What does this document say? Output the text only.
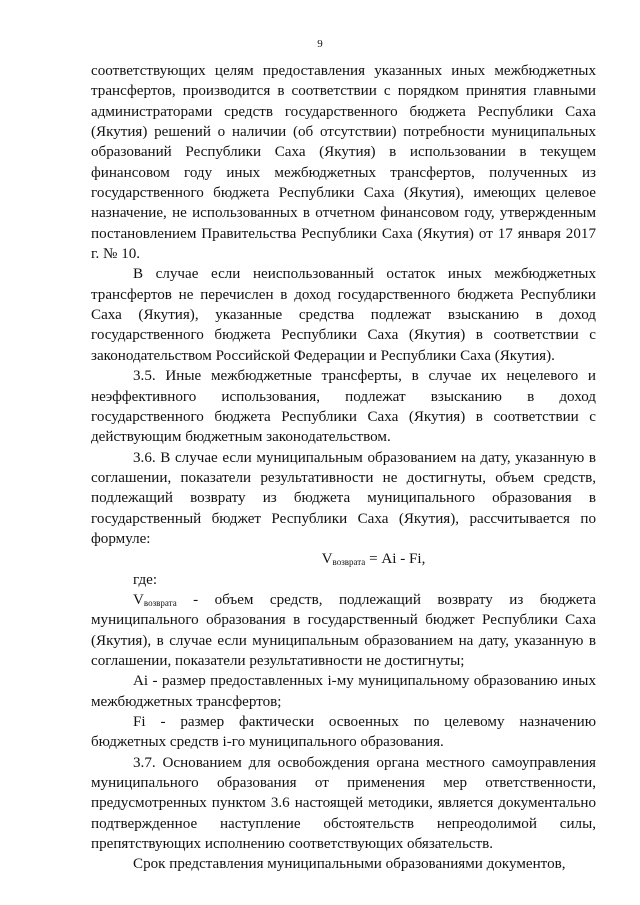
9

соответствующих целям предоставления указанных иных межбюджетных трансфертов, производится в соответствии с порядком принятия главными администраторами средств государственного бюджета Республики Саха (Якутия) решений о наличии (об отсутствии) потребности муниципальных образований Республики Саха (Якутия) в использовании в текущем финансовом году иных межбюджетных трансфертов, полученных из государственного бюджета Республики Саха (Якутия), имеющих целевое назначение, не использованных в отчетном финансовом году, утвержденным постановлением Правительства Республики Саха (Якутия) от 17 января 2017 г. № 10.

В случае если неиспользованный остаток иных межбюджетных трансфертов не перечислен в доход государственного бюджета Республики Саха (Якутия), указанные средства подлежат взысканию в доход государственного бюджета Республики Саха (Якутия) в соответствии с законодательством Российской Федерации и Республики Саха (Якутия).

3.5. Иные межбюджетные трансферты, в случае их нецелевого и неэффективного использования, подлежат взысканию в доход государственного бюджета Республики Саха (Якутия) в соответствии с действующим бюджетным законодательством.

3.6. В случае если муниципальным образованием на дату, указанную в соглашении, показатели результативности не достигнуты, объем средств, подлежащий возврату из бюджета муниципального образования в государственный бюджет Республики Саха (Якутия), рассчитывается по формуле:

$V_{возврата} = Ai - Fi$,

где:

$V_{возврата}$ - объем средств, подлежащий возврату из бюджета муниципального образования в государственный бюджет Республики Саха (Якутия), в случае если муниципальным образованием на дату, указанную в соглашении, показатели результативности не достигнуты;

Ai - размер предоставленных i-му муниципальному образованию иных межбюджетных трансфертов;

Fi - размер фактически освоенных по целевому назначению бюджетных средств i-го муниципального образования.

3.7. Основанием для освобождения органа местного самоуправления муниципального образования от применения мер ответственности, предусмотренных пунктом 3.6 настоящей методики, является документально подтвержденное наступление обстоятельств непреодолимой силы, препятствующих исполнению соответствующих обязательств.

Срок представления муниципальными образованиями документов,
